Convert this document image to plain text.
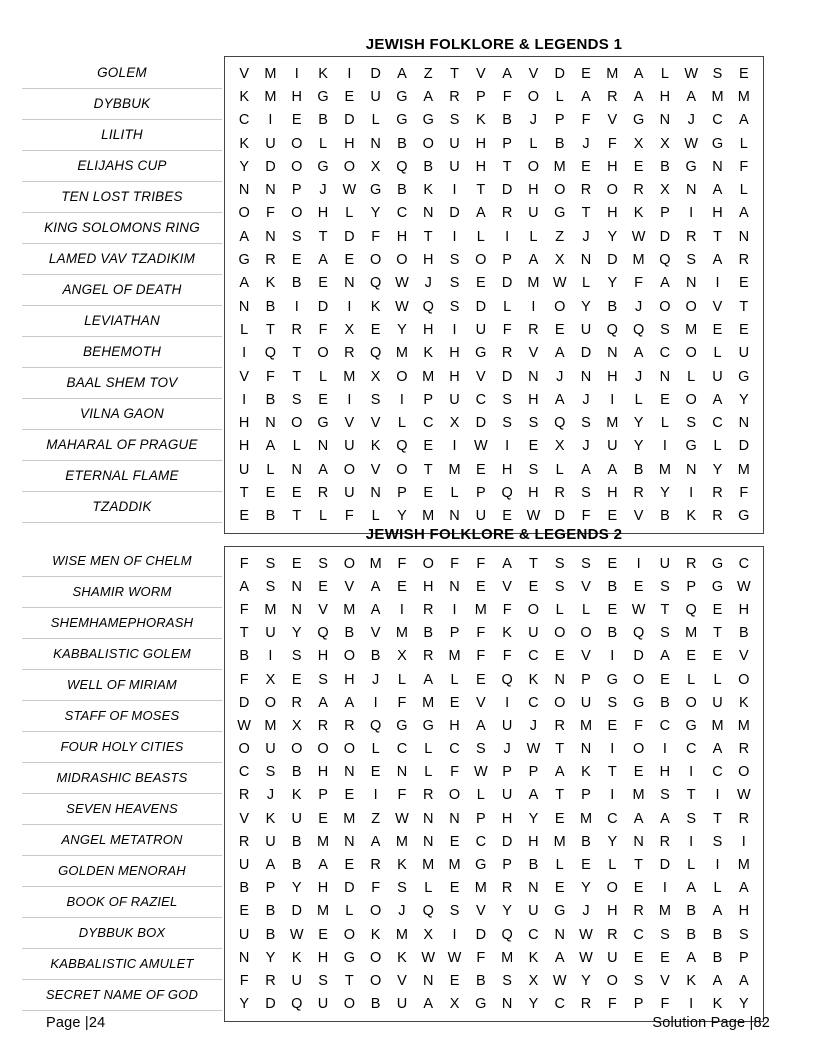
GOLEM
DYBBUK
LILITH
ELIJAHS CUP
TEN LOST TRIBES
KING SOLOMONS RING
LAMED VAV TZADIKIM
ANGEL OF DEATH
LEVIATHAN
BEHEMOTH
BAAL SHEM TOV
VILNA GAON
MAHARAL OF PRAGUE
ETERNAL FLAME
TZADDIK
JEWISH FOLKLORE & LEGENDS 1
V	M	I	K	I	D	A	Z	T	V	A	V	D	E	M	A	L	W	S	E
K	M	H	G	E	U	G	A	R	P	F	O	L	A	R	A	H	A	M	M
C	I	E	B	D	L	G	G	S	K	B	J	P	F	V	G	N	J	C	A
K	U	O	L	H	N	B	O	U	H	P	L	B	J	F	X	X	W	G	L
Y	D	O	G	O	X	Q	B	U	H	T	O	M	E	H	E	B	G	N	F
N	N	P	J	W	G	B	K	I	T	D	H	O	R	O	R	X	N	A	L
O	F	O	H	L	Y	C	N	D	A	R	U	G	T	H	K	P	I	H	A
A	N	S	T	D	F	H	T	I	L	I	L	Z	J	Y	W	D	R	T	N
G	R	E	A	E	O	O	H	S	O	P	A	X	N	D	M	Q	S	A	R
A	K	B	E	N	Q	W	J	S	E	D	M	W	L	Y	F	A	N	I	E
N	B	I	D	I	K	W	Q	S	D	L	I	O	Y	B	J	O	O	V	T
L	T	R	F	X	E	Y	H	I	U	F	R	E	U	Q	Q	S	M	E	E
I	Q	T	O	R	Q	M	K	H	G	R	V	A	D	N	A	C	O	L	U
V	F	T	L	M	X	O	M	H	V	D	N	J	N	H	J	N	L	U	G
I	B	S	E	I	S	I	P	U	C	S	H	A	J	I	L	E	O	A	Y
H	N	O	G	V	V	L	C	X	D	S	S	Q	S	M	Y	L	S	C	N
H	A	L	N	U	K	Q	E	I	W	I	E	X	J	U	Y	I	G	L	D
U	L	N	A	O	V	O	T	M	E	H	S	L	A	A	B	M	N	Y	M
T	E	E	R	U	N	P	E	L	P	Q	H	R	S	H	R	Y	I	R	F
E	B	T	L	F	L	Y	M	N	U	E	W	D	F	E	V	B	K	R	G
WISE MEN OF CHELM
SHAMIR WORM
SHEMHAMEPHORASH
KABBALISTIC GOLEM
WELL OF MIRIAM
STAFF OF MOSES
FOUR HOLY CITIES
MIDRASHIC BEASTS
SEVEN HEAVENS
ANGEL METATRON
GOLDEN MENORAH
BOOK OF RAZIEL
DYBBUK BOX
KABBALISTIC AMULET
SECRET NAME OF GOD
JEWISH FOLKLORE & LEGENDS 2
F	S	E	S	O	M	F	O	F	F	A	T	S	S	E	I	U	R	G	C
A	S	N	E	V	A	E	H	N	E	V	E	S	V	B	E	S	P	G	W
F	M	N	V	M	A	I	R	I	M	F	O	L	L	E	W	T	Q	E	H
T	U	Y	Q	B	V	M	B	P	F	K	U	O	O	B	Q	S	M	T	B
B	I	S	H	O	B	X	R	M	F	F	C	E	V	I	D	A	E	E	V
F	X	E	S	H	J	L	A	L	E	Q	K	N	P	G	O	E	L	L	O
D	O	R	A	A	I	F	M	E	V	I	C	O	U	S	G	B	O	U	K
W	M	X	R	R	Q	G	G	H	A	U	J	R	M	E	F	C	G	M	M
O	U	O	O	O	L	C	L	C	S	J	W	T	N	I	O	I	C	A	R
C	S	B	H	N	E	N	L	F	W	P	P	A	K	T	E	H	I	C	O
R	J	K	P	E	I	F	R	O	L	U	A	T	P	I	M	S	T	I	W
V	K	U	E	M	Z	W	N	N	P	H	Y	E	M	C	A	A	S	T	R
R	U	B	M	N	A	M	N	E	C	D	H	M	B	Y	N	R	I	S	I
U	A	B	A	E	R	K	M	M	G	P	B	L	E	L	T	D	L	I	M
B	P	Y	H	D	F	S	L	E	M	R	N	E	Y	O	E	I	A	L	A
E	B	D	M	L	O	J	Q	S	V	Y	U	G	J	H	R	M	B	A	H
U	B	W	E	O	K	M	X	I	D	Q	C	N	W	R	C	S	B	B	S
N	Y	K	H	G	O	K	W	W	F	M	K	A	W	U	E	E	A	B	P
F	R	U	S	T	O	V	N	E	B	S	X	W	Y	O	S	V	K	A	A
Y	D	Q	U	O	B	U	A	X	G	N	Y	C	R	F	P	F	I	K	Y
Page |24	Solution Page |82
